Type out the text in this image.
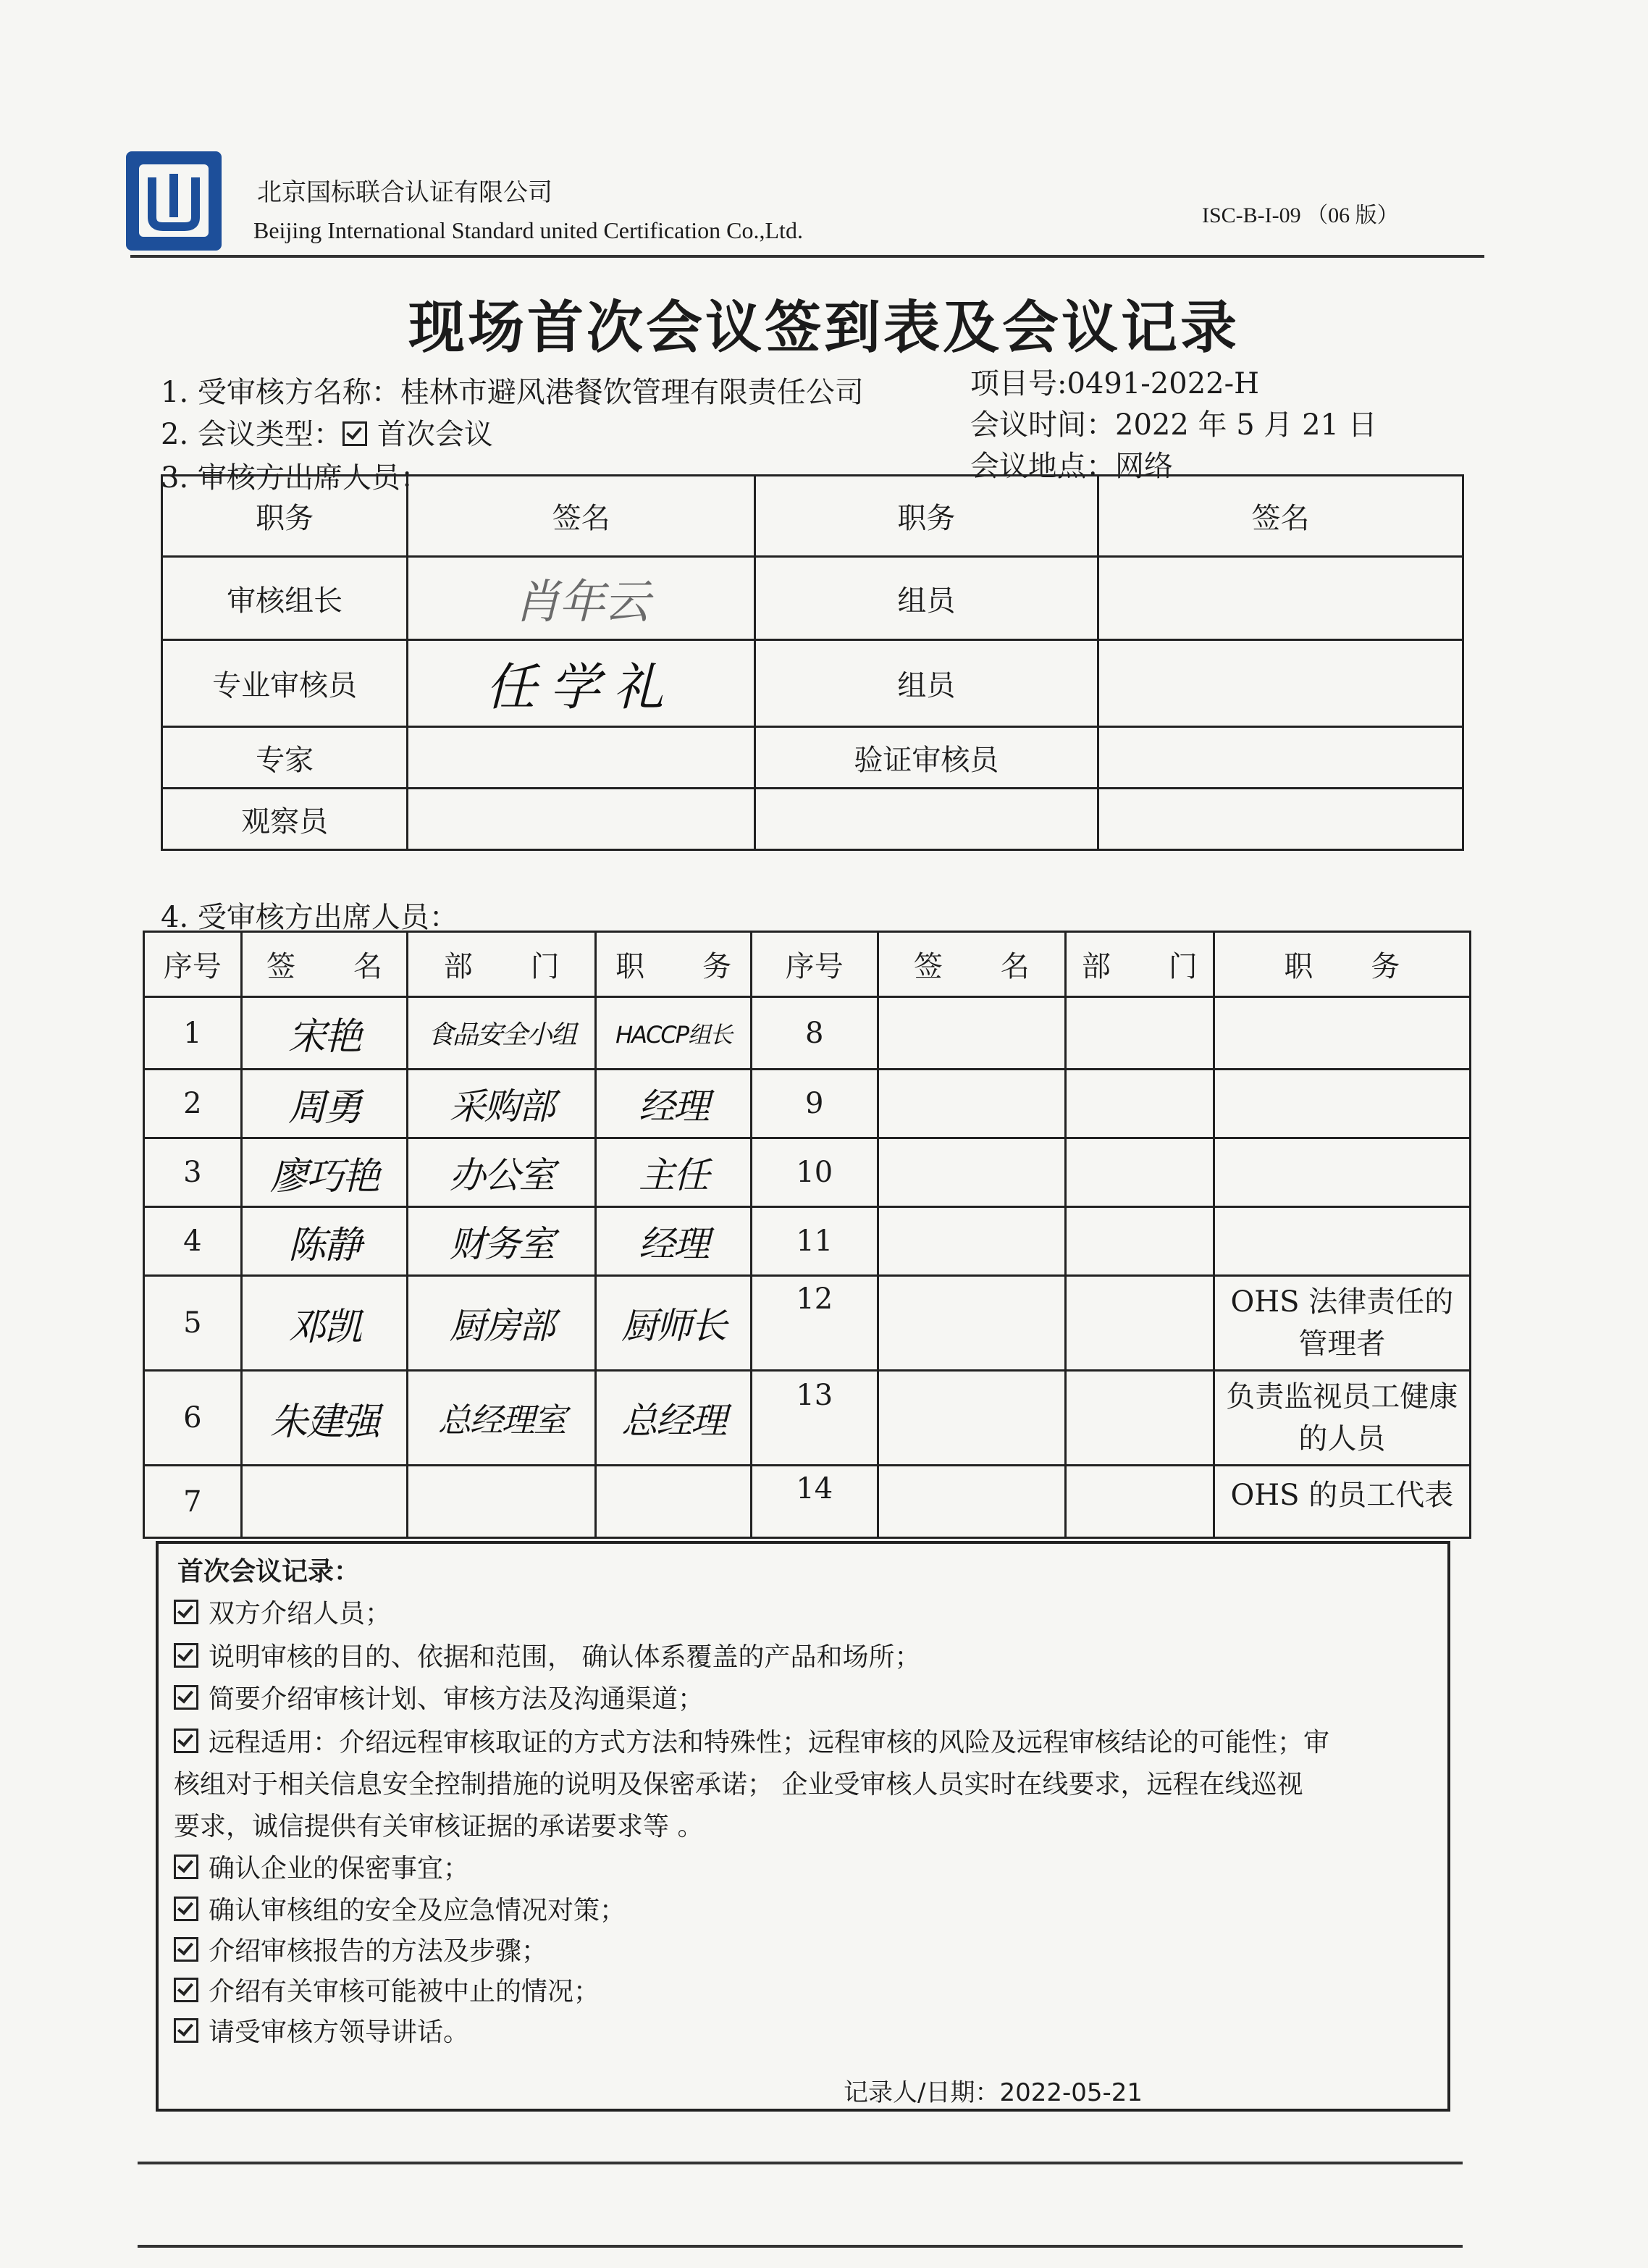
北京国标联合认证有限公司
Beijing International Standard united Certification Co.,Ltd.
ISC-B-I-09 （06 版）
现场首次会议签到表及会议记录
1. 受审核方名称：桂林市避风港餐饮管理有限责任公司	项目号:0491-2022-H
2. 会议类型： 首次会议	会议时间：2022 年 5 月 21 日
3. 审核方出席人员：	会议地点：网络
职务	签名	职务	签名
审核组长	肖年云	组员	
专业审核员	任学礼	组员	
专家		验证审核员	
观察员			
4. 受审核方出席人员：
序号	签　　名	部　　门	职　　务	序号	签　　名	部　　门	职　　务
1	宋艳	食品安全小组	HACCP组长	8			
2	周勇	采购部	经理	9			
3	廖巧艳	办公室	主任	10			
4	陈静	财务室	经理	11			
5	邓凯	厨房部	厨师长	12			OHS 法律责任的管理者
6	朱建强	总经理室	总经理	13			负责监视员工健康的人员
7				14			OHS 的员工代表
首次会议记录：
双方介绍人员；
说明审核的目的、依据和范围， 确认体系覆盖的产品和场所；
简要介绍审核计划、审核方法及沟通渠道；
远程适用：介绍远程审核取证的方式方法和特殊性；远程审核的风险及远程审核结论的可能性；审
核组对于相关信息安全控制措施的说明及保密承诺； 企业受审核人员实时在线要求，远程在线巡视
要求，诚信提供有关审核证据的承诺要求等 。
确认企业的保密事宜；
确认审核组的安全及应急情况对策；
介绍审核报告的方法及步骤；
介绍有关审核可能被中止的情况；
请受审核方领导讲话。
记录人/日期：2022-05-21
